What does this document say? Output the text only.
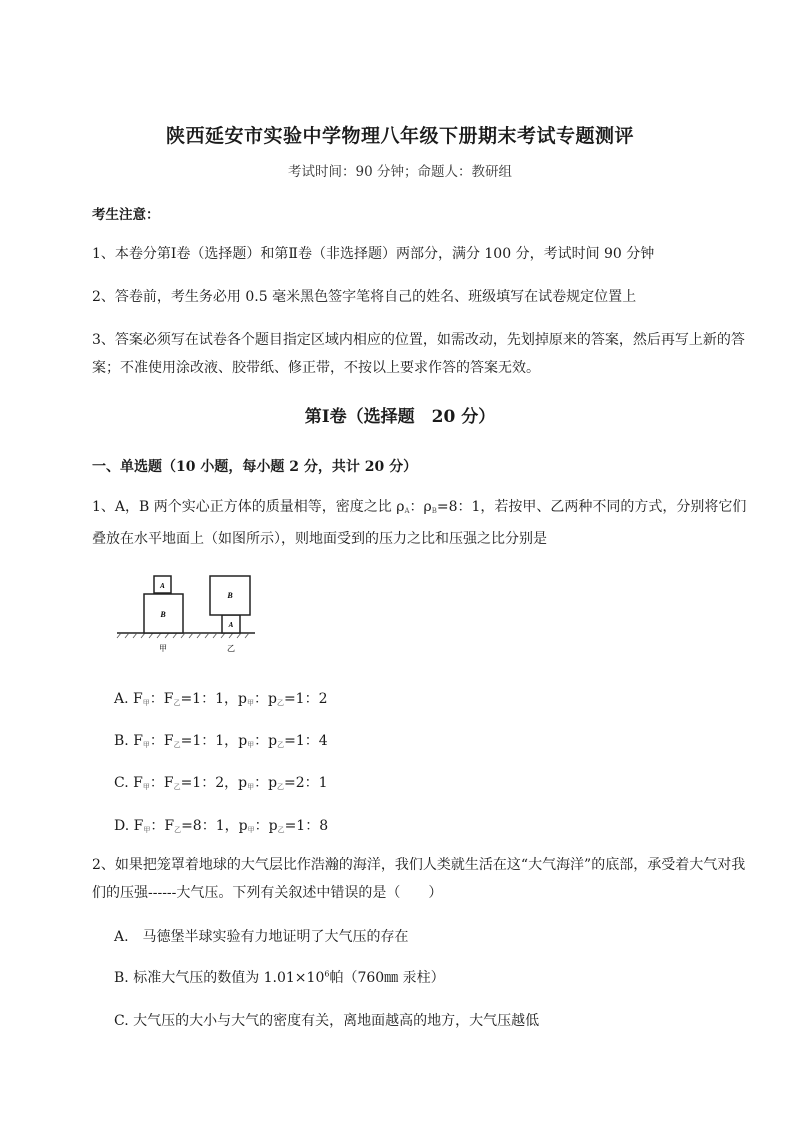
陕西延安市实验中学物理八年级下册期末考试专题测评
考试时间：90 分钟；命题人：教研组
考生注意：
1、本卷分第Ⅰ卷（选择题）和第Ⅱ卷（非选择题）两部分，满分 100 分，考试时间 90 分钟
2、答卷前，考生务必用 0.5 毫米黑色签字笔将自己的姓名、班级填写在试卷规定位置上
3、答案必须写在试卷各个题目指定区域内相应的位置，如需改动，先划掉原来的答案，然后再写上新的答案；不准使用涂改液、胶带纸、修正带，不按以上要求作答的答案无效。
第Ⅰ卷（选择题　20 分）
一、单选题（10 小题，每小题 2 分，共计 20 分）
1、A，B 两个实心正方体的质量相等，密度之比 $\rho_A$：$\rho_B=8$：1，若按甲、乙两种不同的方式，分别将它们叠放在水平地面上（如图所示），则地面受到的压力之比和压强之比分别是
B
A
B
A
甲	乙
A. $F_甲$：$F_乙=1$：1，$p_甲$：$p_乙=1$：2
B. $F_甲$：$F_乙=1$：1，$p_甲$：$p_乙=1$：4
C. $F_甲$：$F_乙=1$：2，$p_甲$：$p_乙=2$：1
D. $F_甲$：$F_乙=8$：1，$p_甲$：$p_乙=1$：8
2、如果把笼罩着地球的大气层比作浩瀚的海洋，我们人类就生活在这“大气海洋”的底部，承受着大气对我们的压强------大气压。下列有关叙述中错误的是（　　）
A.　马德堡半球实验有力地证明了大气压的存在
B. 标准大气压的数值为 $1.01\times 10^6$帕（760㎜ 汞柱）
C. 大气压的大小与大气的密度有关，离地面越高的地方，大气压越低
